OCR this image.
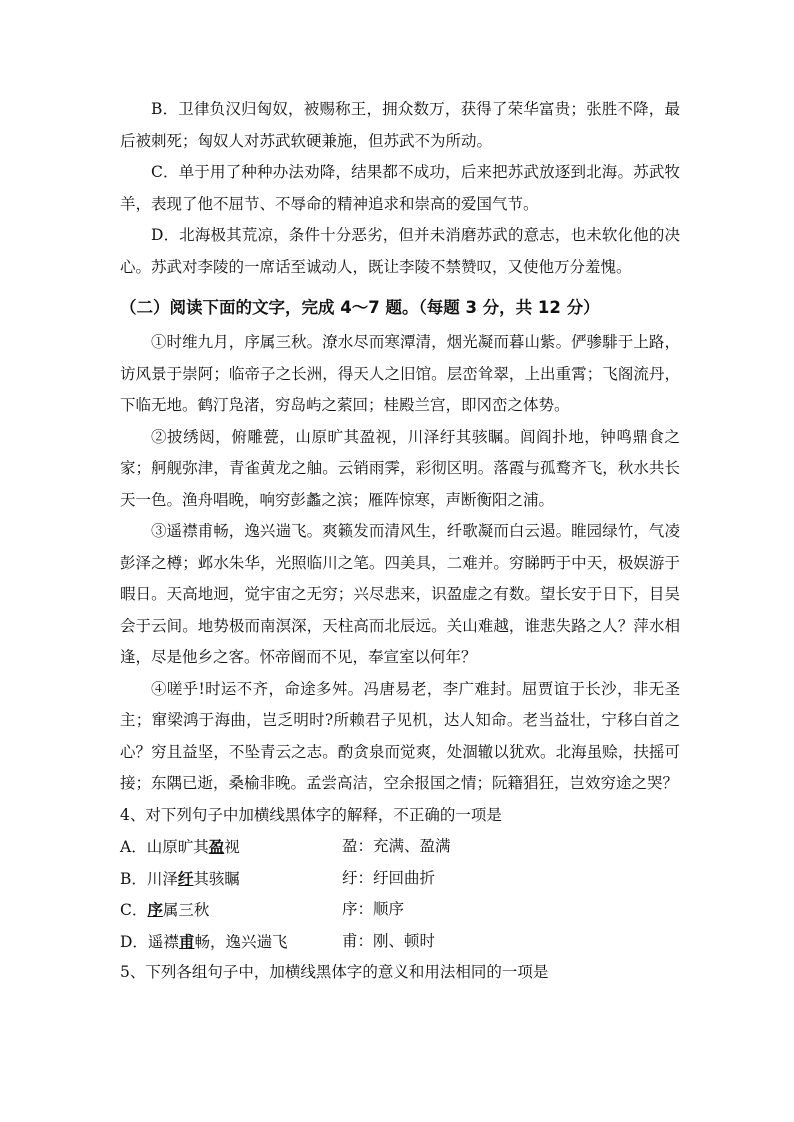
B．卫律负汉归匈奴，被赐称王，拥众数万，获得了荣华富贵；张胜不降，最后被刺死；匈奴人对苏武软硬兼施，但苏武不为所动。

C．单于用了种种办法劝降，结果都不成功，后来把苏武放逐到北海。苏武牧羊，表现了他不屈节、不辱命的精神追求和崇高的爱国气节。

D．北海极其荒凉，条件十分恶劣，但并未消磨苏武的意志，也未软化他的决心。苏武对李陵的一席话至诚动人，既让李陵不禁赞叹，又使他万分羞愧。

（二）阅读下面的文字，完成 4～7 题。（每题 3 分，共 12 分）

①时维九月，序属三秋。潦水尽而寒潭清，烟光凝而暮山紫。俨骖騑于上路，访风景于崇阿；临帝子之长洲，得天人之旧馆。层峦耸翠，上出重霄；飞阁流丹，下临无地。鹤汀凫渚，穷岛屿之萦回；桂殿兰宫，即冈峦之体势。

②披绣闼，俯雕甍，山原旷其盈视，川泽纡其骇瞩。闾阎扑地，钟鸣鼎食之家；舸舰弥津，青雀黄龙之舳。云销雨霁，彩彻区明。落霞与孤鹜齐飞，秋水共长天一色。渔舟唱晚，响穷彭蠡之滨；雁阵惊寒，声断衡阳之浦。

③遥襟甫畅，逸兴遄飞。爽籁发而清风生，纤歌凝而白云遏。睢园绿竹，气凌彭泽之樽；邺水朱华，光照临川之笔。四美具，二难并。穷睇眄于中天，极娱游于暇日。天高地迥，觉宇宙之无穷；兴尽悲来，识盈虚之有数。望长安于日下，目吴会于云间。地势极而南溟深，天柱高而北辰远。关山难越，谁悲失路之人？萍水相逢，尽是他乡之客。怀帝阍而不见，奉宣室以何年？

④嗟乎!时运不齐，命途多舛。冯唐易老，李广难封。屈贾谊于长沙，非无圣主；窜梁鸿于海曲，岂乏明时?所赖君子见机，达人知命。老当益壮，宁移白首之心？穷且益坚，不坠青云之志。酌贪泉而觉爽，处涸辙以犹欢。北海虽赊，扶摇可接；东隅已逝，桑榆非晚。孟尝高洁，空余报国之情；阮籍猖狂，岂效穷途之哭？

4、对下列句子中加横线黑体字的解释，不正确的一项是

A．山原旷其盈视	盈：充满、盈满
B．川泽纡其骇瞩	纡：纡回曲折
C．序属三秋	序：顺序
D．遥襟甫畅，逸兴遄飞	甫：刚、顿时

5、下列各组句子中，加横线黑体字的意义和用法相同的一项是
